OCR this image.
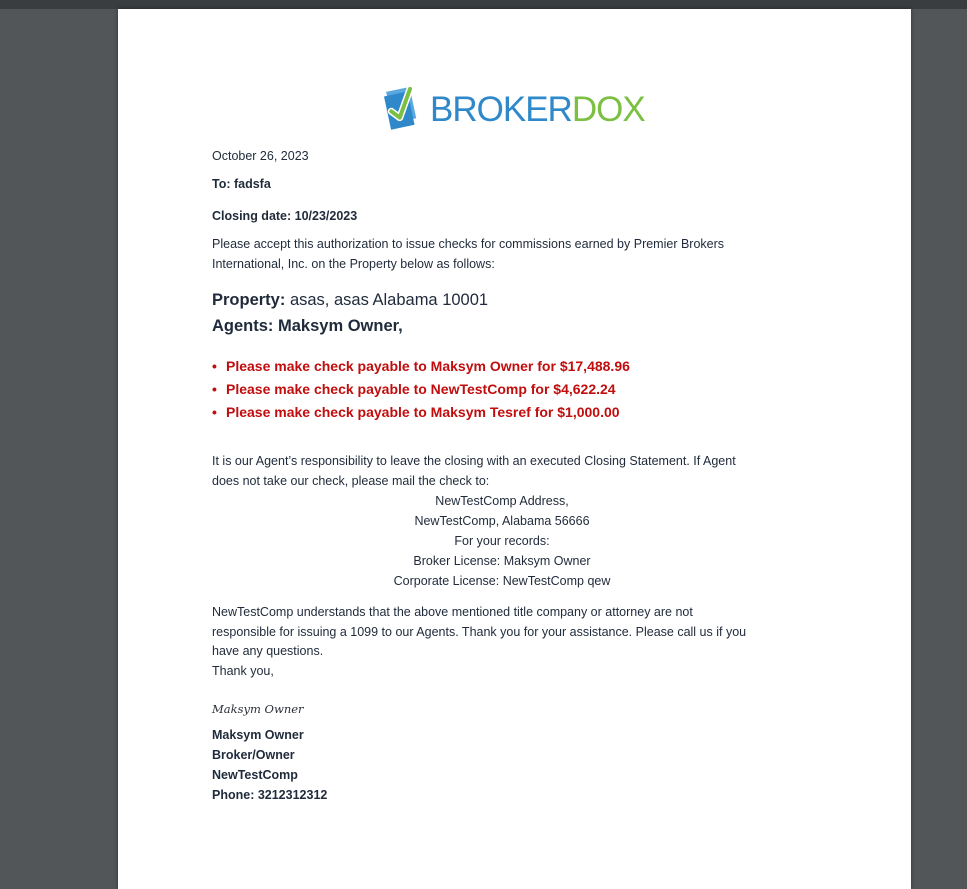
BROKERDOX
October 26, 2023
To: fadsfa
Closing date: 10/23/2023
Please accept this authorization to issue checks for commissions earned by Premier Brokers
International, Inc. on the Property below as follows:
Property: asas, asas Alabama 10001
Agents: Maksym Owner,
• Please make check payable to Maksym Owner for $17,488.96
• Please make check payable to NewTestComp for $4,622.24
• Please make check payable to Maksym Tesref for $1,000.00
It is our Agent’s responsibility to leave the closing with an executed Closing Statement. If Agent
does not take our check, please mail the check to:
NewTestComp Address,
NewTestComp, Alabama 56666
For your records:
Broker License: Maksym Owner
Corporate License: NewTestComp qew
NewTestComp understands that the above mentioned title company or attorney are not
responsible for issuing a 1099 to our Agents. Thank you for your assistance. Please call us if you
have any questions.
Thank you,
Maksym Owner
Maksym Owner
Broker/Owner
NewTestComp
Phone: 3212312312
